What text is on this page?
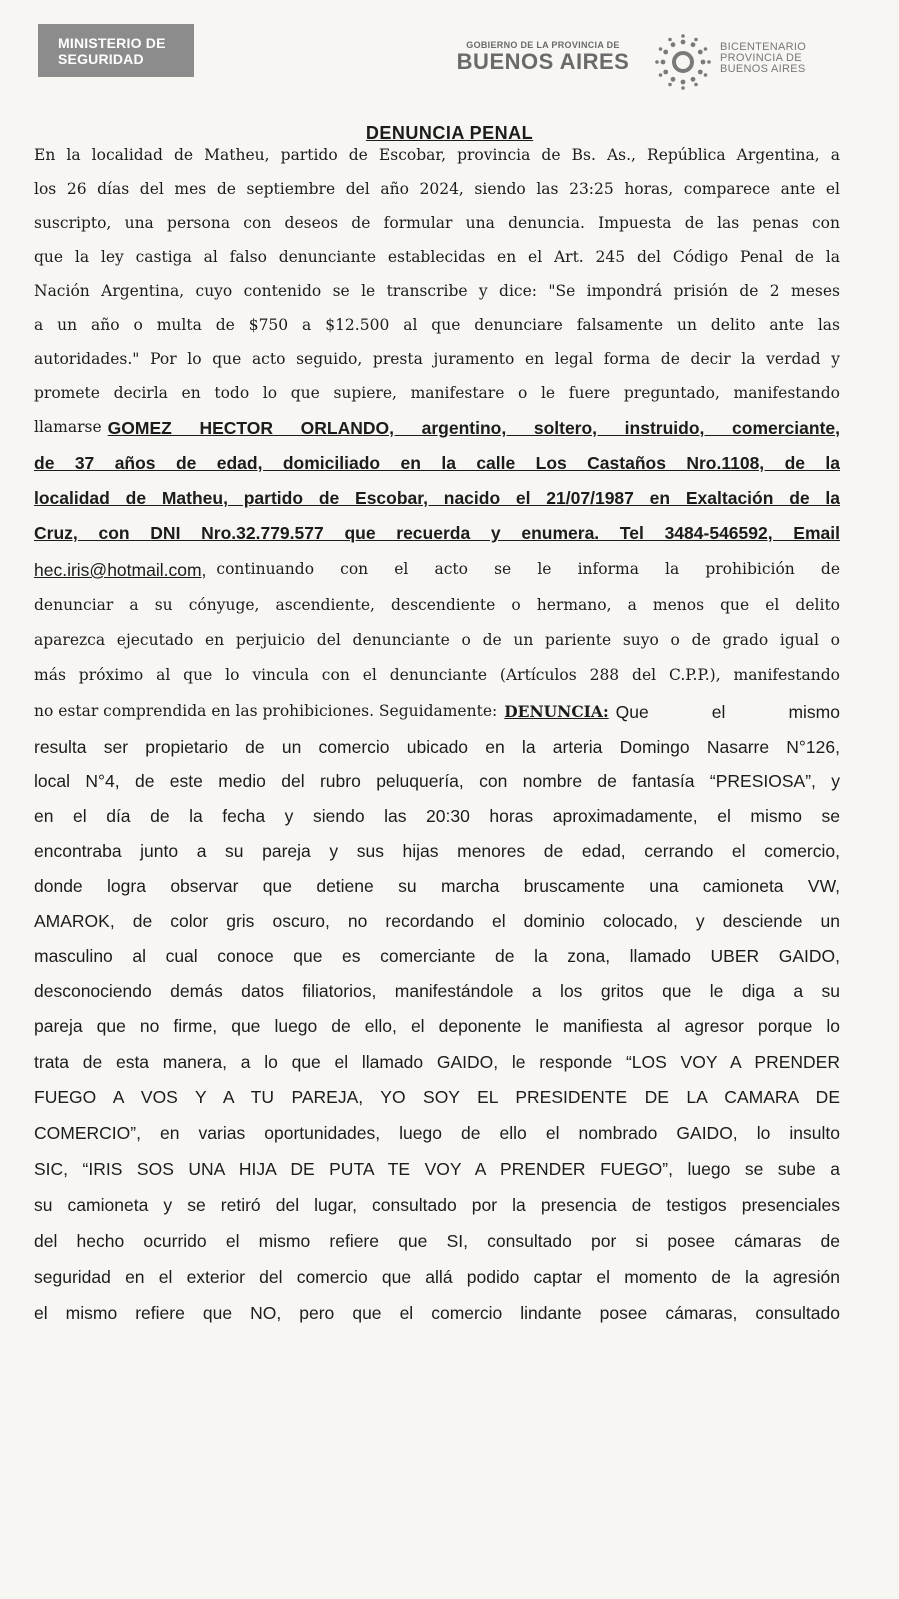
MINISTERIO DE
SEGURIDAD
GOBIERNO DE LA PROVINCIA DE
BUENOS AIRES
BICENTENARIO
PROVINCIA DE
BUENOS AIRES
DENUNCIA PENAL
En la localidad de Matheu, partido de Escobar, provincia de Bs. As., República Argentina, a
los 26 días del mes de septiembre del año 2024, siendo las 23:25 horas, comparece ante el
suscripto, una persona con deseos de formular una denuncia. Impuesta de las penas con
que la ley castiga al falso denunciante establecidas en el Art. 245 del Código Penal de la
Nación Argentina, cuyo contenido se le transcribe y dice: "Se impondrá prisión de 2 meses
a un año o multa de $750 a $12.500 al que denunciare falsamente un delito ante las
autoridades." Por lo que acto seguido, presta juramento en legal forma de decir la verdad y
promete decirla en todo lo que supiere, manifestare o le fuere preguntado, manifestando
llamarse GOMEZ HECTOR ORLANDO, argentino, soltero, instruido, comerciante,
de 37 años de edad, domiciliado en la calle Los Castaños Nro.1108, de la
localidad de Matheu, partido de Escobar, nacido el 21/07/1987 en Exaltación de la
Cruz, con DNI Nro.32.779.577 que recuerda y enumera. Tel 3484-546592, Email
hec.iris@hotmail.com, continuando con el acto se le informa la prohibición de
denunciar a su cónyuge, ascendiente, descendiente o hermano, a menos que el delito
aparezca ejecutado en perjuicio del denunciante o de un pariente suyo o de grado igual o
más próximo al que lo vincula con el denunciante (Artículos 288 del C.P.P.), manifestando
no estar comprendida en las prohibiciones. Seguidamente: DENUNCIA: Que el mismo
resulta ser propietario de un comercio ubicado en la arteria Domingo Nasarre N°126,
local N°4, de este medio del rubro peluquería, con nombre de fantasía “PRESIOSA”, y
en el día de la fecha y siendo las 20:30 horas aproximadamente, el mismo se
encontraba junto a su pareja y sus hijas menores de edad, cerrando el comercio,
donde logra observar que detiene su marcha bruscamente una camioneta VW,
AMAROK, de color gris oscuro, no recordando el dominio colocado, y desciende un
masculino al cual conoce que es comerciante de la zona, llamado UBER GAIDO,
desconociendo demás datos filiatorios, manifestándole a los gritos que le diga a su
pareja que no firme, que luego de ello, el deponente le manifiesta al agresor porque lo
trata de esta manera, a lo que el llamado GAIDO, le responde “LOS VOY A PRENDER
FUEGO A VOS Y A TU PAREJA, YO SOY EL PRESIDENTE DE LA CAMARA DE
COMERCIO”, en varias oportunidades, luego de ello el nombrado GAIDO, lo insulto
SIC, “IRIS SOS UNA HIJA DE PUTA TE VOY A PRENDER FUEGO”, luego se sube a
su camioneta y se retiró del lugar, consultado por la presencia de testigos presenciales
del hecho ocurrido el mismo refiere que SI, consultado por si posee cámaras de
seguridad en el exterior del comercio que allá podido captar el momento de la agresión
el mismo refiere que NO, pero que el comercio lindante posee cámaras, consultado
